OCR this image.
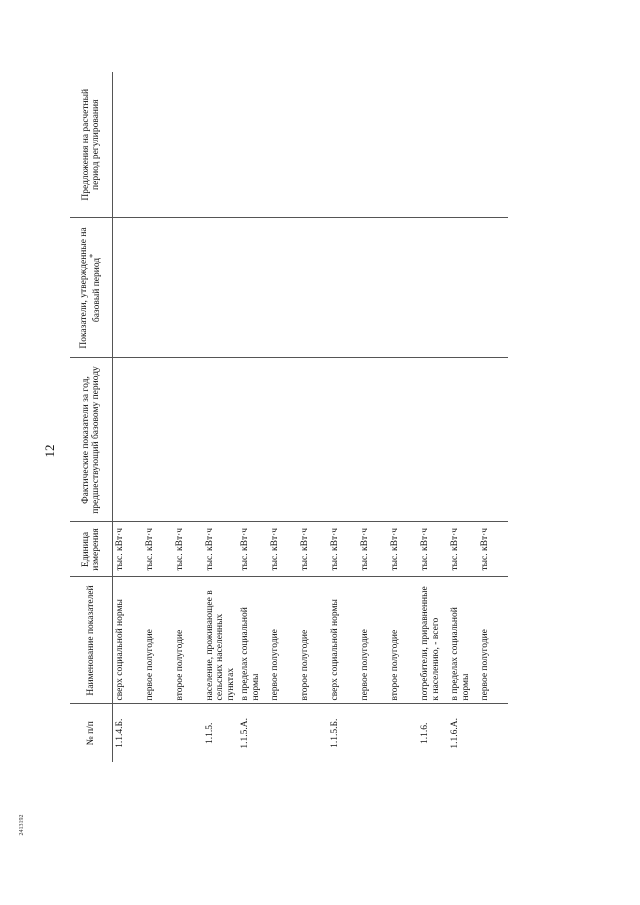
12
№ п/п	Наименование показателей	Единица измерения	Фактические показатели за год, предшествующий базовому периоду	Показатели, утвержденные на базовый период*	Предложения на расчетный период регулирования
1.1.4.Б.	сверх социальной нормы	тыс. кВт·ч			
	первое полугодие	тыс. кВт·ч			
	второе полугодие	тыс. кВт·ч			
1.1.5.	население, проживающее в сельских населенных пунктах	тыс. кВт·ч			
1.1.5.А.	в пределах социальной нормы	тыс. кВт·ч			
	первое полугодие	тыс. кВт·ч			
	второе полугодие	тыс. кВт·ч			
1.1.5.Б.	сверх социальной нормы	тыс. кВт·ч			
	первое полугодие	тыс. кВт·ч			
	второе полугодие	тыс. кВт·ч			
1.1.6.	потребители, приравненные к населению, - всего	тыс. кВт·ч			
1.1.6.А.	в пределах социальной нормы	тыс. кВт·ч			
	первое полугодие	тыс. кВт·ч			
2413192
